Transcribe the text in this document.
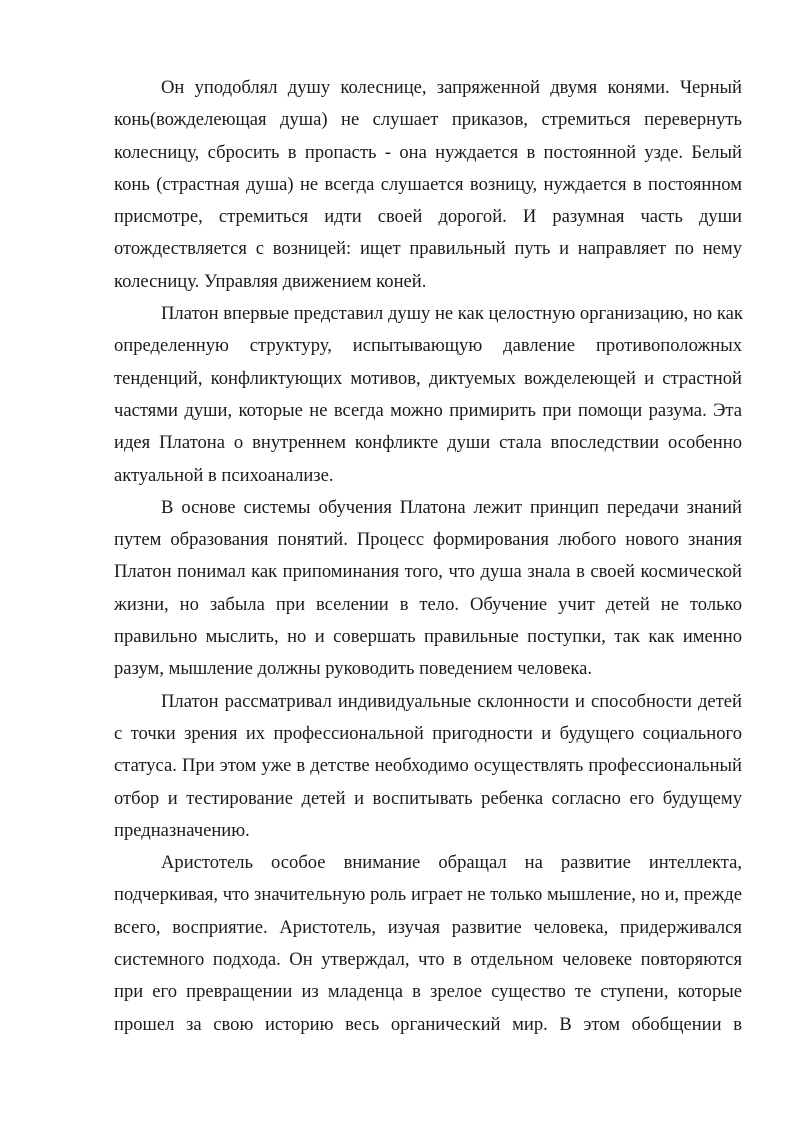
Он уподоблял душу колеснице, запряженной двумя конями. Черный
конь(вожделеющая душа) не слушает приказов, стремиться перевернуть
колесницу, сбросить в пропасть - она нуждается в постоянной узде. Белый
конь (страстная душа) не всегда слушается возницу, нуждается в постоянном
присмотре, стремиться идти своей дорогой. И разумная часть души
отождествляется с возницей: ищет правильный путь и направляет по нему
колесницу. Управляя движением коней.
Платон впервые представил душу не как целостную организацию, но как
определенную структуру, испытывающую давление противоположных
тенденций, конфликтующих мотивов, диктуемых вожделеющей и страстной
частями души, которые не всегда можно примирить при помощи разума. Эта
идея Платона о внутреннем конфликте души стала впоследствии особенно
актуальной в психоанализе.
В основе системы обучения Платона лежит принцип передачи знаний
путем образования понятий. Процесс формирования любого нового знания
Платон понимал как припоминания того, что душа знала в своей космической
жизни, но забыла при вселении в тело. Обучение учит детей не только
правильно мыслить, но и совершать правильные поступки, так как именно
разум, мышление должны руководить поведением человека.
Платон рассматривал индивидуальные склонности и способности детей
с точки зрения их профессиональной пригодности и будущего социального
статуса. При этом уже в детстве необходимо осуществлять профессиональный
отбор и тестирование детей и воспитывать ребенка согласно его будущему
предназначению.
Аристотель особое внимание обращал на развитие интеллекта,
подчеркивая, что значительную роль играет не только мышление, но и, прежде
всего, восприятие. Аристотель, изучая развитие человека, придерживался
системного подхода. Он утверждал, что в отдельном человеке повторяются
при его превращении из младенца в зрелое существо те ступени, которые
прошел за свою историю весь органический мир. В этом обобщении в
